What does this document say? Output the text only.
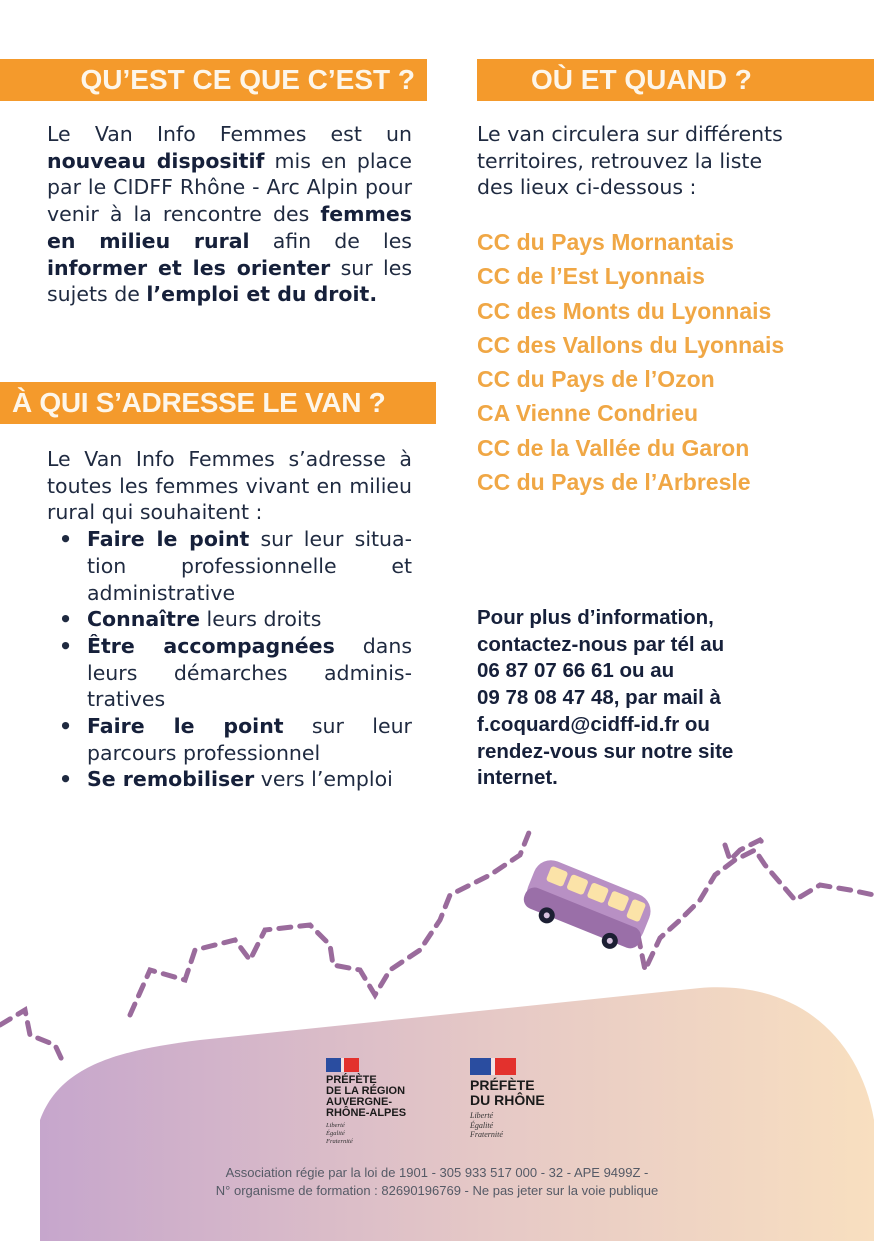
QU’EST CE QUE C’EST ?	OÙ ET QUAND ?
Le Van Info Femmes est un nouveau dispositif mis en place par le CIDFF Rhône - Arc Alpin pour venir à la rencontre des femmes en milieu rural afin de les informer et les orienter sur les sujets de l’emploi et du droit.
À QUI S’ADRESSE LE VAN ?
Le Van Info Femmes s’adresse à toutes les femmes vivant en milieu rural qui souhaitent :
• Faire le point sur leur situa-tion professionnelle et administrative
• Connaître leurs droits
• Être accompagnées dans leurs démarches adminis-tratives
• Faire le point sur leur parcours professionnel
• Se remobiliser vers l’emploi
Le van circulera sur différents
territoires, retrouvez la liste
des lieux ci-dessous :
CC du Pays Mornantais
CC de l’Est Lyonnais
CC des Monts du Lyonnais
CC des Vallons du Lyonnais
CC du Pays de l’Ozon
CA Vienne Condrieu
CC de la Vallée du Garon
CC du Pays de l’Arbresle
Pour plus d’information,
contactez-nous par tél au
06 87 07 66 61 ou au
09 78 08 47 48, par mail à
f.coquard@cidff-id.fr ou
rendez-vous sur notre site
internet.
PRÉFÈTE
DE LA RÉGION
AUVERGNE-
RHÔNE-ALPES
Liberté
Égalité
Fraternité
PRÉFÈTE
DU RHÔNE
Liberté
Égalité
Fraternité
Association régie par la loi de 1901 - 305 933 517 000 - 32 - APE 9499Z -
N° organisme de formation : 82690196769 - Ne pas jeter sur la voie publique
